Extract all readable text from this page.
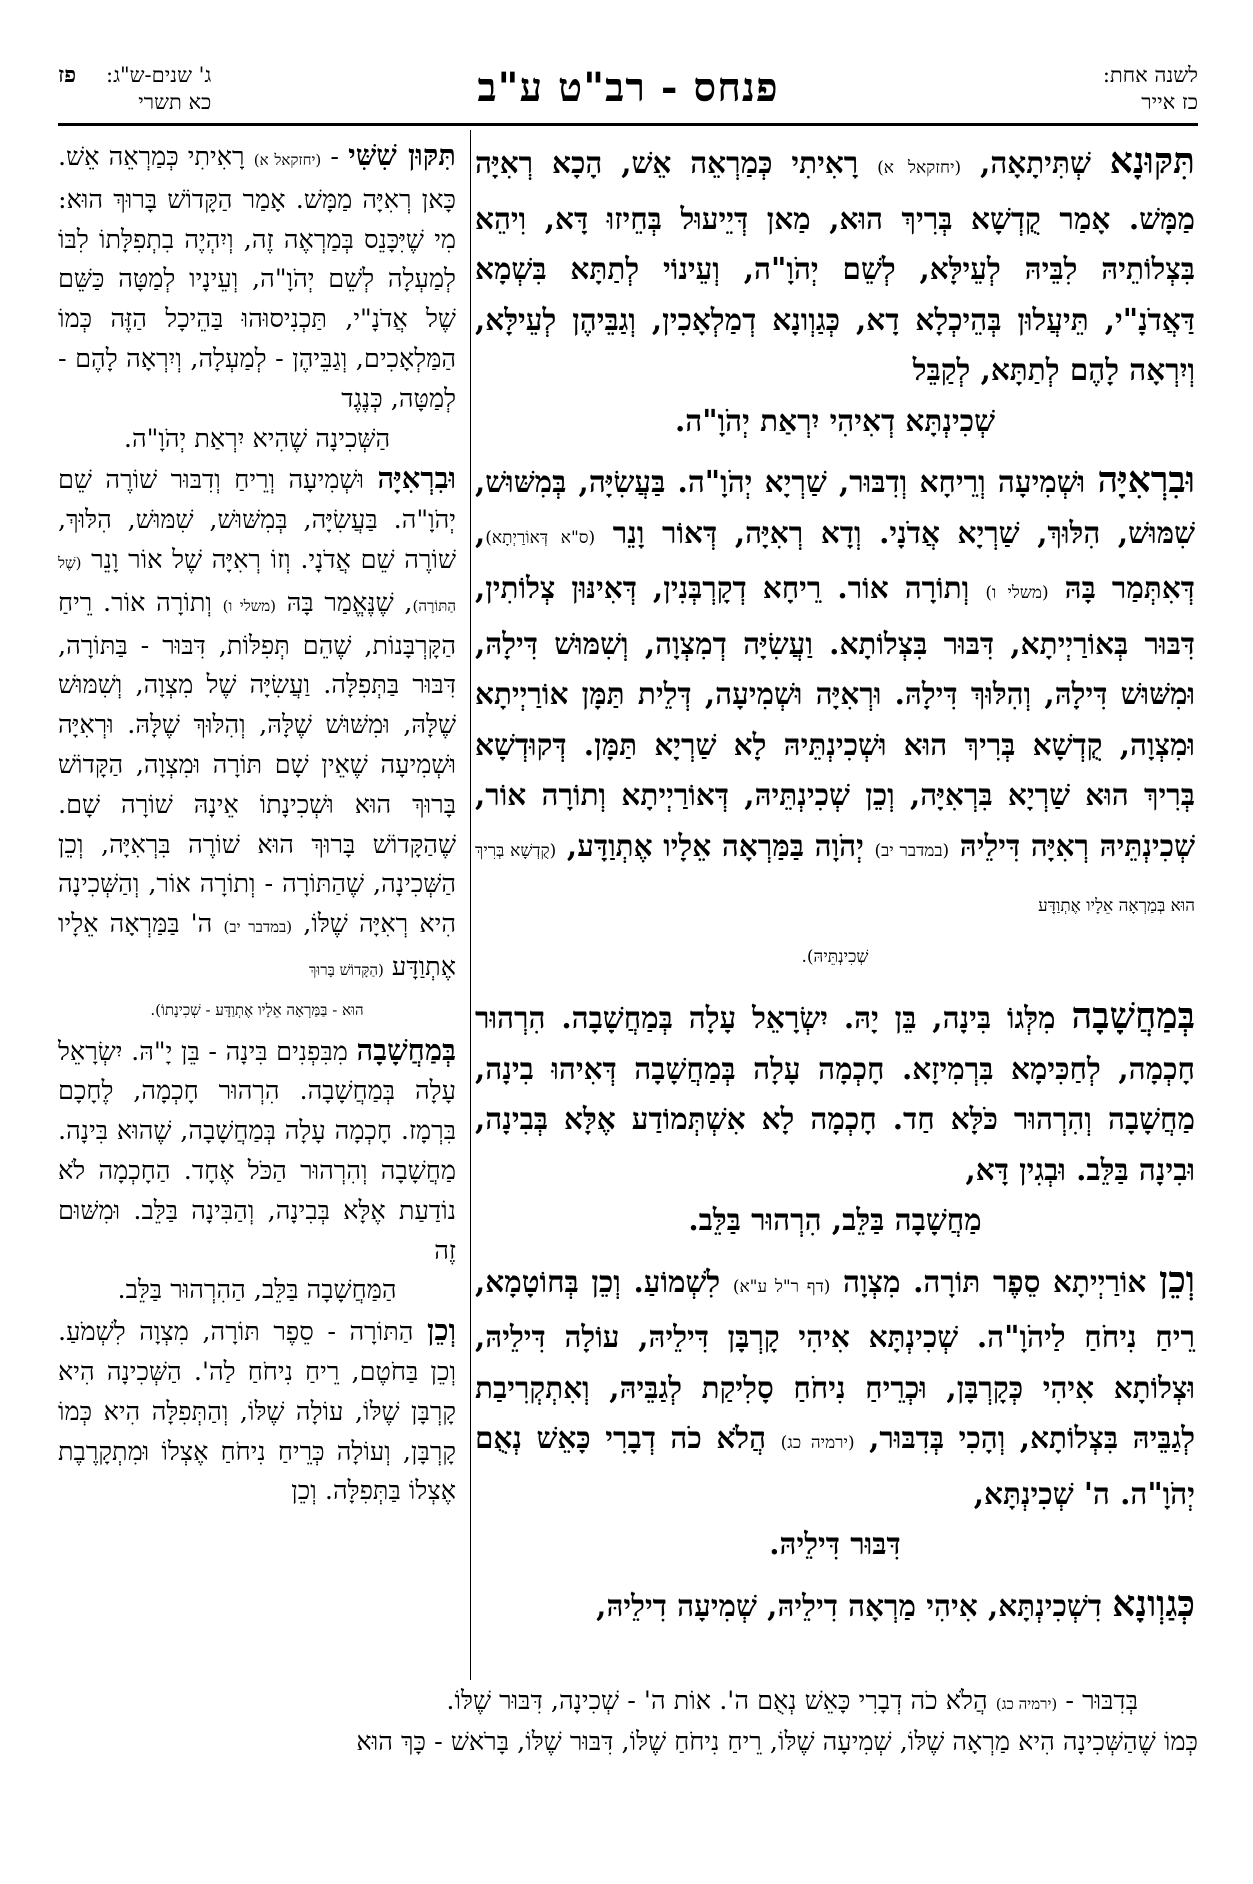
לשנה אחת:
כז אייר
פנחס - רב"ט ע"ב
פז	ג' שנים-ש"ג:
כא תשרי

תִּקּוּנָא שְׁתִּיתָאָה, (יחזקאל א) רָאִיתִי כְּמַרְאֵה אֵשׁ, הָכָא רְאִיָּה מַמָּשׁ. אָמַר קֻדְשָׁא בְּרִיךְ הוּא, מַאן דְּיֵיעוּל בְּחֵיזוּ דָּא, וִיהֵא בִּצְלוֹתֵיהּ לִבֵּיהּ לְעֵילָּא, לְשֵׁם יְהֹוָ"ה, וְעֵינוֹי לְתַתָּא בִּשְׁמָא דַּאֲדֹנָ"י, תֵּיעֲלוּן בְּהֵיכְלָא דָא, כְּגַוְונָא דְמַלְאָכִין, וְגַבֵּיהֶן לְעֵילָּא, וְיִרְאָה לָהֶם לְתַתָּא, לְקַבֵּל
שְׁכִינְתָּא דְאִיהִי יִרְאַת יְהֹוָ"ה.

וּבִרְאִיָּה וּשְׁמִיעָה וְרֵיחָא וְדִבּוּר, שַׁרְיָא יְהֹוָ"ה. בַּעֲשִׂיָּה, בְּמִשּׁוּשׁ, שִׁמּוּשׁ, הִלּוּךְ, שַׁרְיָא אֲדֹנָי. וְדָא רְאִיָּה, דְּאוֹר וָנֵר (ס"א דְּאוֹרַיְתָא), דְּאִתְּמַר בָּהּ (משלי ו) וְתוֹרָה אוֹר. רֵיחָא דְקָרְבְּנִין, דְּאִינּוּן צְלוֹתִין, דִּבּוּר בְּאוֹרַיְיתָא, דִּבּוּר בִּצְלוֹתָא. וַעֲשִׂיָּה דְמִצְוָה, וְשִׁמּוּשׁ דִּילָהּ, וּמִשּׁוּשׁ דִּילָהּ, וְהִלּוּךְ דִּילָהּ. וּרְאִיָּה וּשְׁמִיעָה, דְּלֵית תַּמָּן אוֹרַיְיתָא וּמִצְוָה, קֻדְשָׁא בְּרִיךְ הוּא וּשְׁכִינְתֵּיהּ לָא שַׁרְיָא תַּמָּן. דְּקוּדְשָׁא בְּרִיךְ הוּא שַׁרְיָא בִּרְאִיָּה, וְכֵן שְׁכִינְתֵּיהּ, דְּאוֹרַיְיתָא וְתוֹרָה אוֹר, שְׁכִינְתֵּיהּ רְאִיָּה דִּילֵיהּ (במדבר יב) יְהֹוָה בַּמַּרְאָה אֵלָיו אֶתְוַדָּע, (קֻדְשָׁא בְּרִיךְ הוּא בְּמַרְאָה אֵלָיו אֶתְוַדָּע
שְׁכִינְתֵּיהּ).

בְּמַחֲשָׁבָה מִלְּגוֹ בִּינָה, בֵּן יָהּ. יִשְׂרָאֵל עָלָה בְּמַחֲשָׁבָה. הִרְהוּר חָכְמָה, לְחַכִּימָא בִּרְמִיזָא. חָכְמָה עָלָה בְּמַחֲשָׁבָה דְּאִיהוּ בִינָה, מַחֲשָׁבָה וְהִרְהוּר כֹּלָּא חַד. חָכְמָה לָא אִשְׁתְּמוֹדַע אֶלָּא בְּבִינָה, וּבִינָה בַּלֵּב. וּבְגִין דָּא,
מַחֲשָׁבָה בַּלֵּב, הִרְהוּר בַּלֵּב.

וְכֵן אוֹרַיְיתָא סֵפֶר תּוֹרָה. מִצְוָה (דף ר"ל ע"א) לִשְׁמוֹעַ. וְכֵן בְּחוֹטָמָא, רֵיחַ נִיחֹחַ לַיהֹוָ"ה. שְׁכִינְתָּא אִיהִי קָרְבָּן דִּילֵיהּ, עוֹלָה דִּילֵיהּ, וּצְלוֹתָא אִיהִי כְּקָרְבָּן, וּכְרֵיחַ נִיחֹחַ סָלִיקַת לְגַבֵּיהּ, וְאִתְקְרִיבַת לְגַבֵּיהּ בִּצְלוֹתָא, וְהָכִי בְּדִבּוּר, (ירמיה כג) הֲלֹא כֹה דְבָרִי כָּאֵשׁ נְאֻם יְהֹוָ"ה. ה' שְׁכִינְתָּא,
דִּבּוּר דִּילֵיהּ.

כְּגַוְונָא דִשְׁכִינְתָּא, אִיהִי מַרְאָה דִילֵיהּ, שְׁמִיעָה דִילֵיהּ,

תִּקּוּן שִׁשִּׁי - (יחזקאל א) רָאִיתִי כְּמַרְאֵה אֵשׁ. כָּאן רְאִיָּה מַמָּשׁ. אָמַר הַקָּדוֹשׁ בָּרוּךְ הוּא: מִי שֶׁיִּכָּנֵס בְּמַרְאֶה זֶה, וְיִהְיֶה בִתְפִלָּתוֹ לִבּוֹ לְמַעְלָה לְשֵׁם יְהֹוָ"ה, וְעֵינָיו לְמַטָּה כַּשֵּׁם שֶׁל אֲדֹנָ"י, תַּכְנִיסוּהוּ בַּהֵיכָל הַזֶּה כְּמוֹ הַמַּלְאָכִים, וְגַבֵּיהֶן - לְמַעְלָה, וְיִרְאָה לָהֶם - לְמַטָּה, כְּנֶגֶד
הַשְּׁכִינָה שֶׁהִיא יִרְאַת יְהֹוָ"ה.

וּבִרְאִיָּה וּשְׁמִיעָה וְרֵיחַ וְדִבּוּר שׁוֹרֶה שֵׁם יְהֹוָ"ה. בַּעֲשִׂיָּה, בְּמִשּׁוּשׁ, שִׁמּוּשׁ, הִלּוּךְ, שׁוֹרֶה שֵׁם אֲדֹנָי. וְזוֹ רְאִיָּה שֶׁל אוֹר וָנֵר (שֶׁל הַתּוֹרָה), שֶׁנֶּאֱמַר בָּהּ (משלי ו) וְתוֹרָה אוֹר. רֵיחַ הַקָּרְבָּנוֹת, שֶׁהֵם תְּפִלּוֹת, דִּבּוּר - בַּתּוֹרָה, דִּבּוּר בַּתְּפִלָּה. וַעֲשִׂיָּה שֶׁל מִצְוָה, וְשִׁמּוּשׁ שֶׁלָּהּ, וּמִשּׁוּשׁ שֶׁלָּהּ, וְהִלּוּךְ שֶׁלָּהּ. וּרְאִיָּה וּשְׁמִיעָה שֶׁאֵין שָׁם תּוֹרָה וּמִצְוָה, הַקָּדוֹשׁ בָּרוּךְ הוּא וּשְׁכִינָתוֹ אֵינָהּ שׁוֹרָה שָׁם. שֶׁהַקָּדוֹשׁ בָּרוּךְ הוּא שׁוֹרֶה בִּרְאִיָּה, וְכֵן הַשְּׁכִינָה, שֶׁהַתּוֹרָה - וְתוֹרָה אוֹר, וְהַשְּׁכִינָה הִיא רְאִיָּה שֶׁלּוֹ, (במדבר יב) ה' בַּמַּרְאָה אֵלָיו אֶתְוַדָּע (הַקָּדוֹשׁ בָּרוּךְ
הוּא - בַּמַּרְאָה אֵלָיו אֶתְוַדָּע - שְׁכִינָתוֹ).

בְּמַחֲשָׁבָה מִבִּפְנִים בִּינָה - בֵּן יָ"הּ. יִשְׂרָאֵל עָלָה בְּמַחֲשָׁבָה. הִרְהוּר חָכְמָה, לֶחָכָם בִּרְמָז. חָכְמָה עָלָה בְּמַחֲשָׁבָה, שֶׁהוּא בִּינָה. מַחֲשָׁבָה וְהִרְהוּר הַכֹּל אֶחָד. הַחָכְמָה לֹא נוֹדַעַת אֶלָּא בְּבִינָה, וְהַבִּינָה בַּלֵּב. וּמִשּׁוּם זֶה
הַמַּחֲשָׁבָה בַּלֵּב, הַהִרְהוּר בַּלֵּב.

וְכֵן הַתּוֹרָה - סֵפֶר תּוֹרָה, מִצְוָה לִשְׁמֹעַ. וְכֵן בַּחֹטֶם, רֵיחַ נִיחֹחַ לַה'. הַשְּׁכִינָה הִיא קָרְבָּן שֶׁלּוֹ, עוֹלָה שֶׁלּוֹ, וְהַתְּפִלָּה הִיא כְּמוֹ קָרְבָּן, וְעוֹלָה כְּרֵיחַ נִיחֹחַ אֶצְלוֹ וּמִתְקָרֶבֶת אֶצְלוֹ בַּתְּפִלָּה. וְכֵן

בְּדִבּוּר - (ירמיה כג) הֲלֹא כֹה דְבָרִי כָּאֵשׁ נְאֻם ה'. אוֹת ה' - שְׁכִינָה, דִּבּוּר שֶׁלּוֹ.
כְּמוֹ שֶׁהַשְּׁכִינָה הִיא מַרְאָה שֶׁלּוֹ, שְׁמִיעָה שֶׁלּוֹ, רֵיחַ נִיחֹחַ שֶׁלּוֹ, דִּבּוּר שֶׁלּוֹ, בָּרֹאשׁ - כָּךְ הוּא
